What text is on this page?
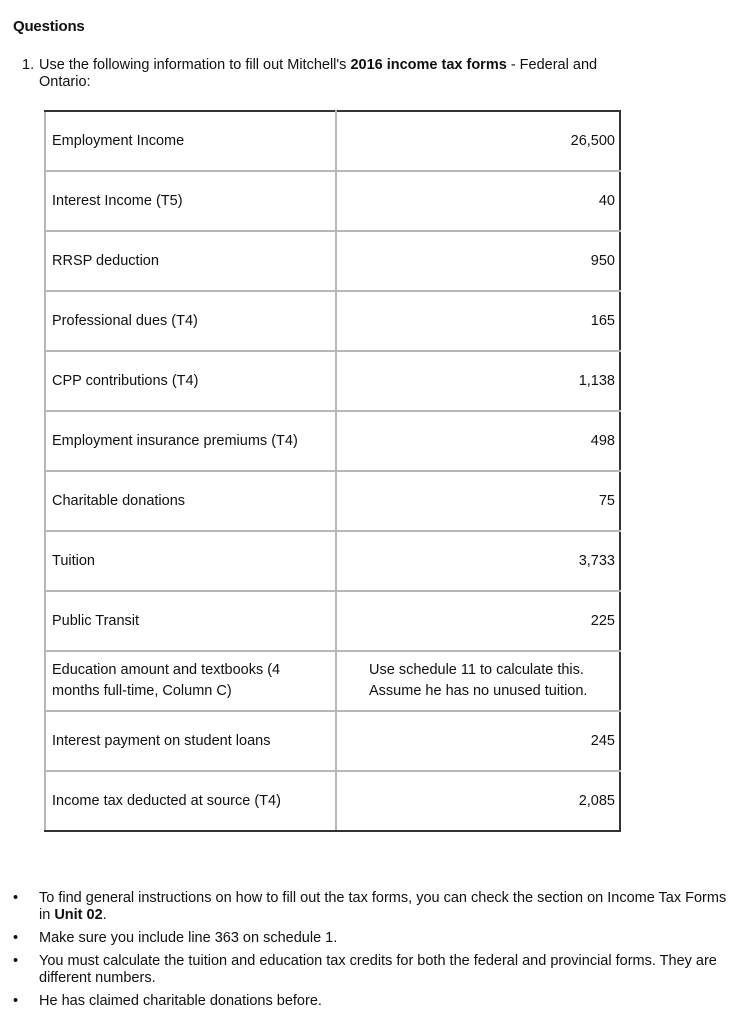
Questions
1. Use the following information to fill out Mitchell's 2016 income tax forms - Federal and Ontario:
Employment Income	26,500
Interest Income (T5)	40
RRSP deduction	950
Professional dues (T4)	165
CPP contributions (T4)	1,138
Employment insurance premiums (T4)	498
Charitable donations	75
Tuition	3,733
Public Transit	225
Education amount and textbooks (4 months full-time, Column C)	Use schedule 11 to calculate this. Assume he has no unused tuition.
Interest payment on student loans	245
Income tax deducted at source (T4)	2,085
• To find general instructions on how to fill out the tax forms, you can check the section on Income Tax Forms in Unit 02.
• Make sure you include line 363 on schedule 1.
• You must calculate the tuition and education tax credits for both the federal and provincial forms. They are different numbers.
• He has claimed charitable donations before.
